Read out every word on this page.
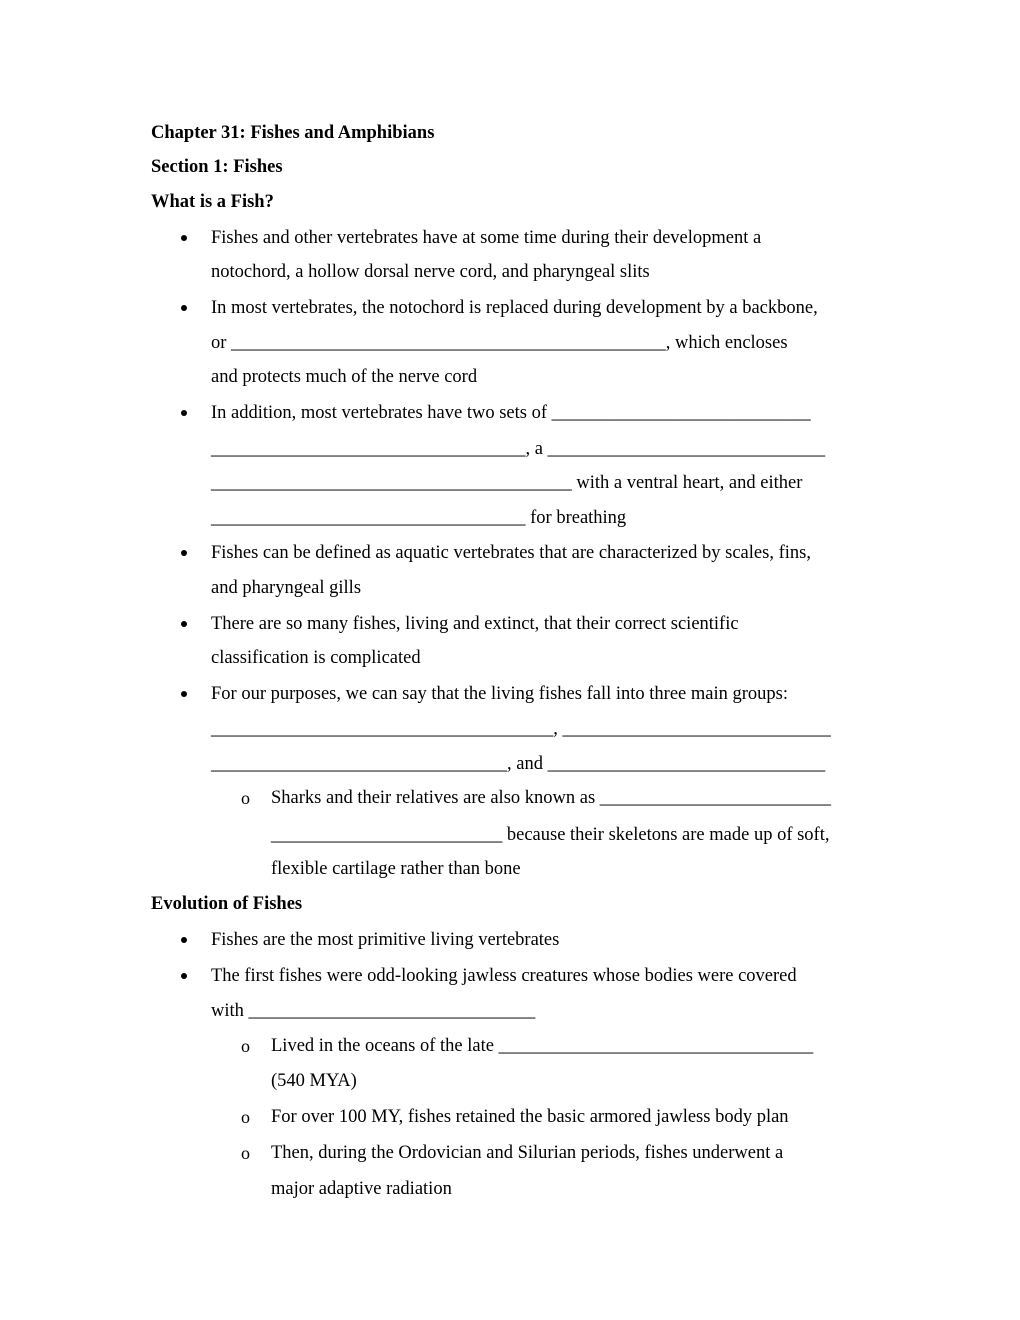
Chapter 31: Fishes and Amphibians
Section 1: Fishes
What is a Fish?
Fishes and other vertebrates have at some time during their development a
notochord, a hollow dorsal nerve cord, and pharyngeal slits
In most vertebrates, the notochord is replaced during development by a backbone,
or _______________________________________________, which encloses
and protects much of the nerve cord
In addition, most vertebrates have two sets of ____________________________
__________________________________, a ______________________________
_______________________________________ with a ventral heart, and either
__________________________________ for breathing
Fishes can be defined as aquatic vertebrates that are characterized by scales, fins,
and pharyngeal gills
There are so many fishes, living and extinct, that their correct scientific
classification is complicated
For our purposes, we can say that the living fishes fall into three main groups:
_____________________________________, _____________________________
________________________________, and ______________________________
o Sharks and their relatives are also known as _________________________
_________________________ because their skeletons are made up of soft,
flexible cartilage rather than bone
Evolution of Fishes
Fishes are the most primitive living vertebrates
The first fishes were odd-looking jawless creatures whose bodies were covered
with _______________________________
o Lived in the oceans of the late __________________________________
(540 MYA)
o For over 100 MY, fishes retained the basic armored jawless body plan
o Then, during the Ordovician and Silurian periods, fishes underwent a
major adaptive radiation
